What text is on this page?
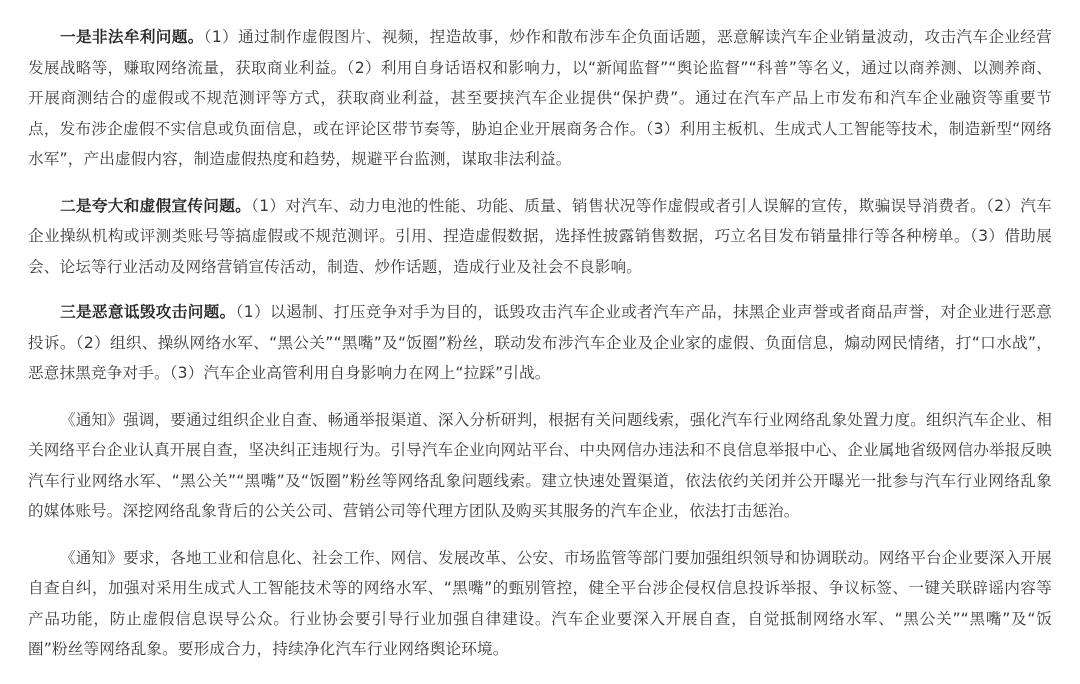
一是非法牟利问题。（1）通过制作虚假图片、视频，捏造故事，炒作和散布涉车企负面话题，恶意解读汽车企业销量波动，攻击汽车企业经营发展战略等，赚取网络流量，获取商业利益。（2）利用自身话语权和影响力，以“新闻监督”“舆论监督”“科普”等名义，通过以商养测、以测养商、开展商测结合的虚假或不规范测评等方式，获取商业利益，甚至要挟汽车企业提供“保护费”。通过在汽车产品上市发布和汽车企业融资等重要节点，发布涉企虚假不实信息或负面信息，或在评论区带节奏等，胁迫企业开展商务合作。（3）利用主板机、生成式人工智能等技术，制造新型“网络水军”，产出虚假内容，制造虚假热度和趋势，规避平台监测，谋取非法利益。

二是夸大和虚假宣传问题。（1）对汽车、动力电池的性能、功能、质量、销售状况等作虚假或者引人误解的宣传，欺骗误导消费者。（2）汽车企业操纵机构或评测类账号等搞虚假或不规范测评。引用、捏造虚假数据，选择性披露销售数据，巧立名目发布销量排行等各种榜单。（3）借助展会、论坛等行业活动及网络营销宣传活动，制造、炒作话题，造成行业及社会不良影响。

三是恶意诋毁攻击问题。（1）以遏制、打压竞争对手为目的，诋毁攻击汽车企业或者汽车产品，抹黑企业声誉或者商品声誉，对企业进行恶意投诉。（2）组织、操纵网络水军、“黑公关”“黑嘴”及“饭圈”粉丝，联动发布涉汽车企业及企业家的虚假、负面信息，煽动网民情绪，打“口水战”，恶意抹黑竞争对手。（3）汽车企业高管利用自身影响力在网上“拉踩”引战。

《通知》强调，要通过组织企业自查、畅通举报渠道、深入分析研判，根据有关问题线索，强化汽车行业网络乱象处置力度。组织汽车企业、相关网络平台企业认真开展自查，坚决纠正违规行为。引导汽车企业向网站平台、中央网信办违法和不良信息举报中心、企业属地省级网信办举报反映汽车行业网络水军、“黑公关”“黑嘴”及“饭圈”粉丝等网络乱象问题线索。建立快速处置渠道，依法依约关闭并公开曝光一批参与汽车行业网络乱象的媒体账号。深挖网络乱象背后的公关公司、营销公司等代理方团队及购买其服务的汽车企业，依法打击惩治。

《通知》要求，各地工业和信息化、社会工作、网信、发展改革、公安、市场监管等部门要加强组织领导和协调联动。网络平台企业要深入开展自查自纠，加强对采用生成式人工智能技术等的网络水军、“黑嘴”的甄别管控，健全平台涉企侵权信息投诉举报、争议标签、一键关联辟谣内容等产品功能，防止虚假信息误导公众。行业协会要引导行业加强自律建设。汽车企业要深入开展自查，自觉抵制网络水军、“黑公关”“黑嘴”及“饭圈”粉丝等网络乱象。要形成合力，持续净化汽车行业网络舆论环境。
